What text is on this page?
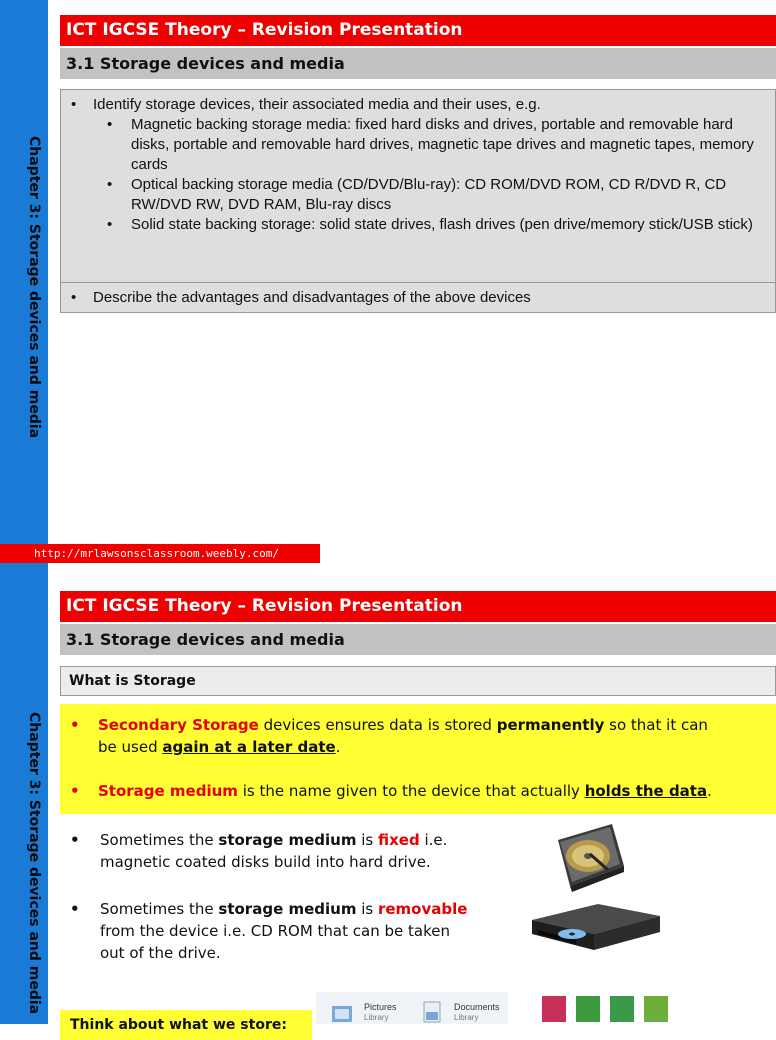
Chapter 3: Storage devices and media
ICT IGCSE Theory – Revision Presentation
3.1 Storage devices and media
• Identify storage devices, their associated media and their uses, e.g.
• Magnetic backing storage media: fixed hard disks and drives, portable and removable hard disks, portable and removable hard drives, magnetic tape drives and magnetic tapes, memory cards
• Optical backing storage media (CD/DVD/Blu-ray): CD ROM/DVD ROM, CD R/DVD R, CD RW/DVD RW, DVD RAM, Blu-ray discs
• Solid state backing storage: solid state drives, flash drives (pen drive/memory stick/USB stick)
• Describe the advantages and disadvantages of the above devices
http://mrlawsonsclassroom.weebly.com/
Chapter 3: Storage devices and media
ICT IGCSE Theory – Revision Presentation
3.1 Storage devices and media
What is Storage
• Secondary Storage devices ensures data is stored permanently so that it can
be used again at a later date.
• Storage medium is the name given to the device that actually holds the data.
• Sometimes the storage medium is fixed i.e.
magnetic coated disks build into hard drive.
• Sometimes the storage medium is removable
from the device i.e. CD ROM that can be taken
out of the drive.
Think about what we store:
Pictures
Library
Documents
Library
